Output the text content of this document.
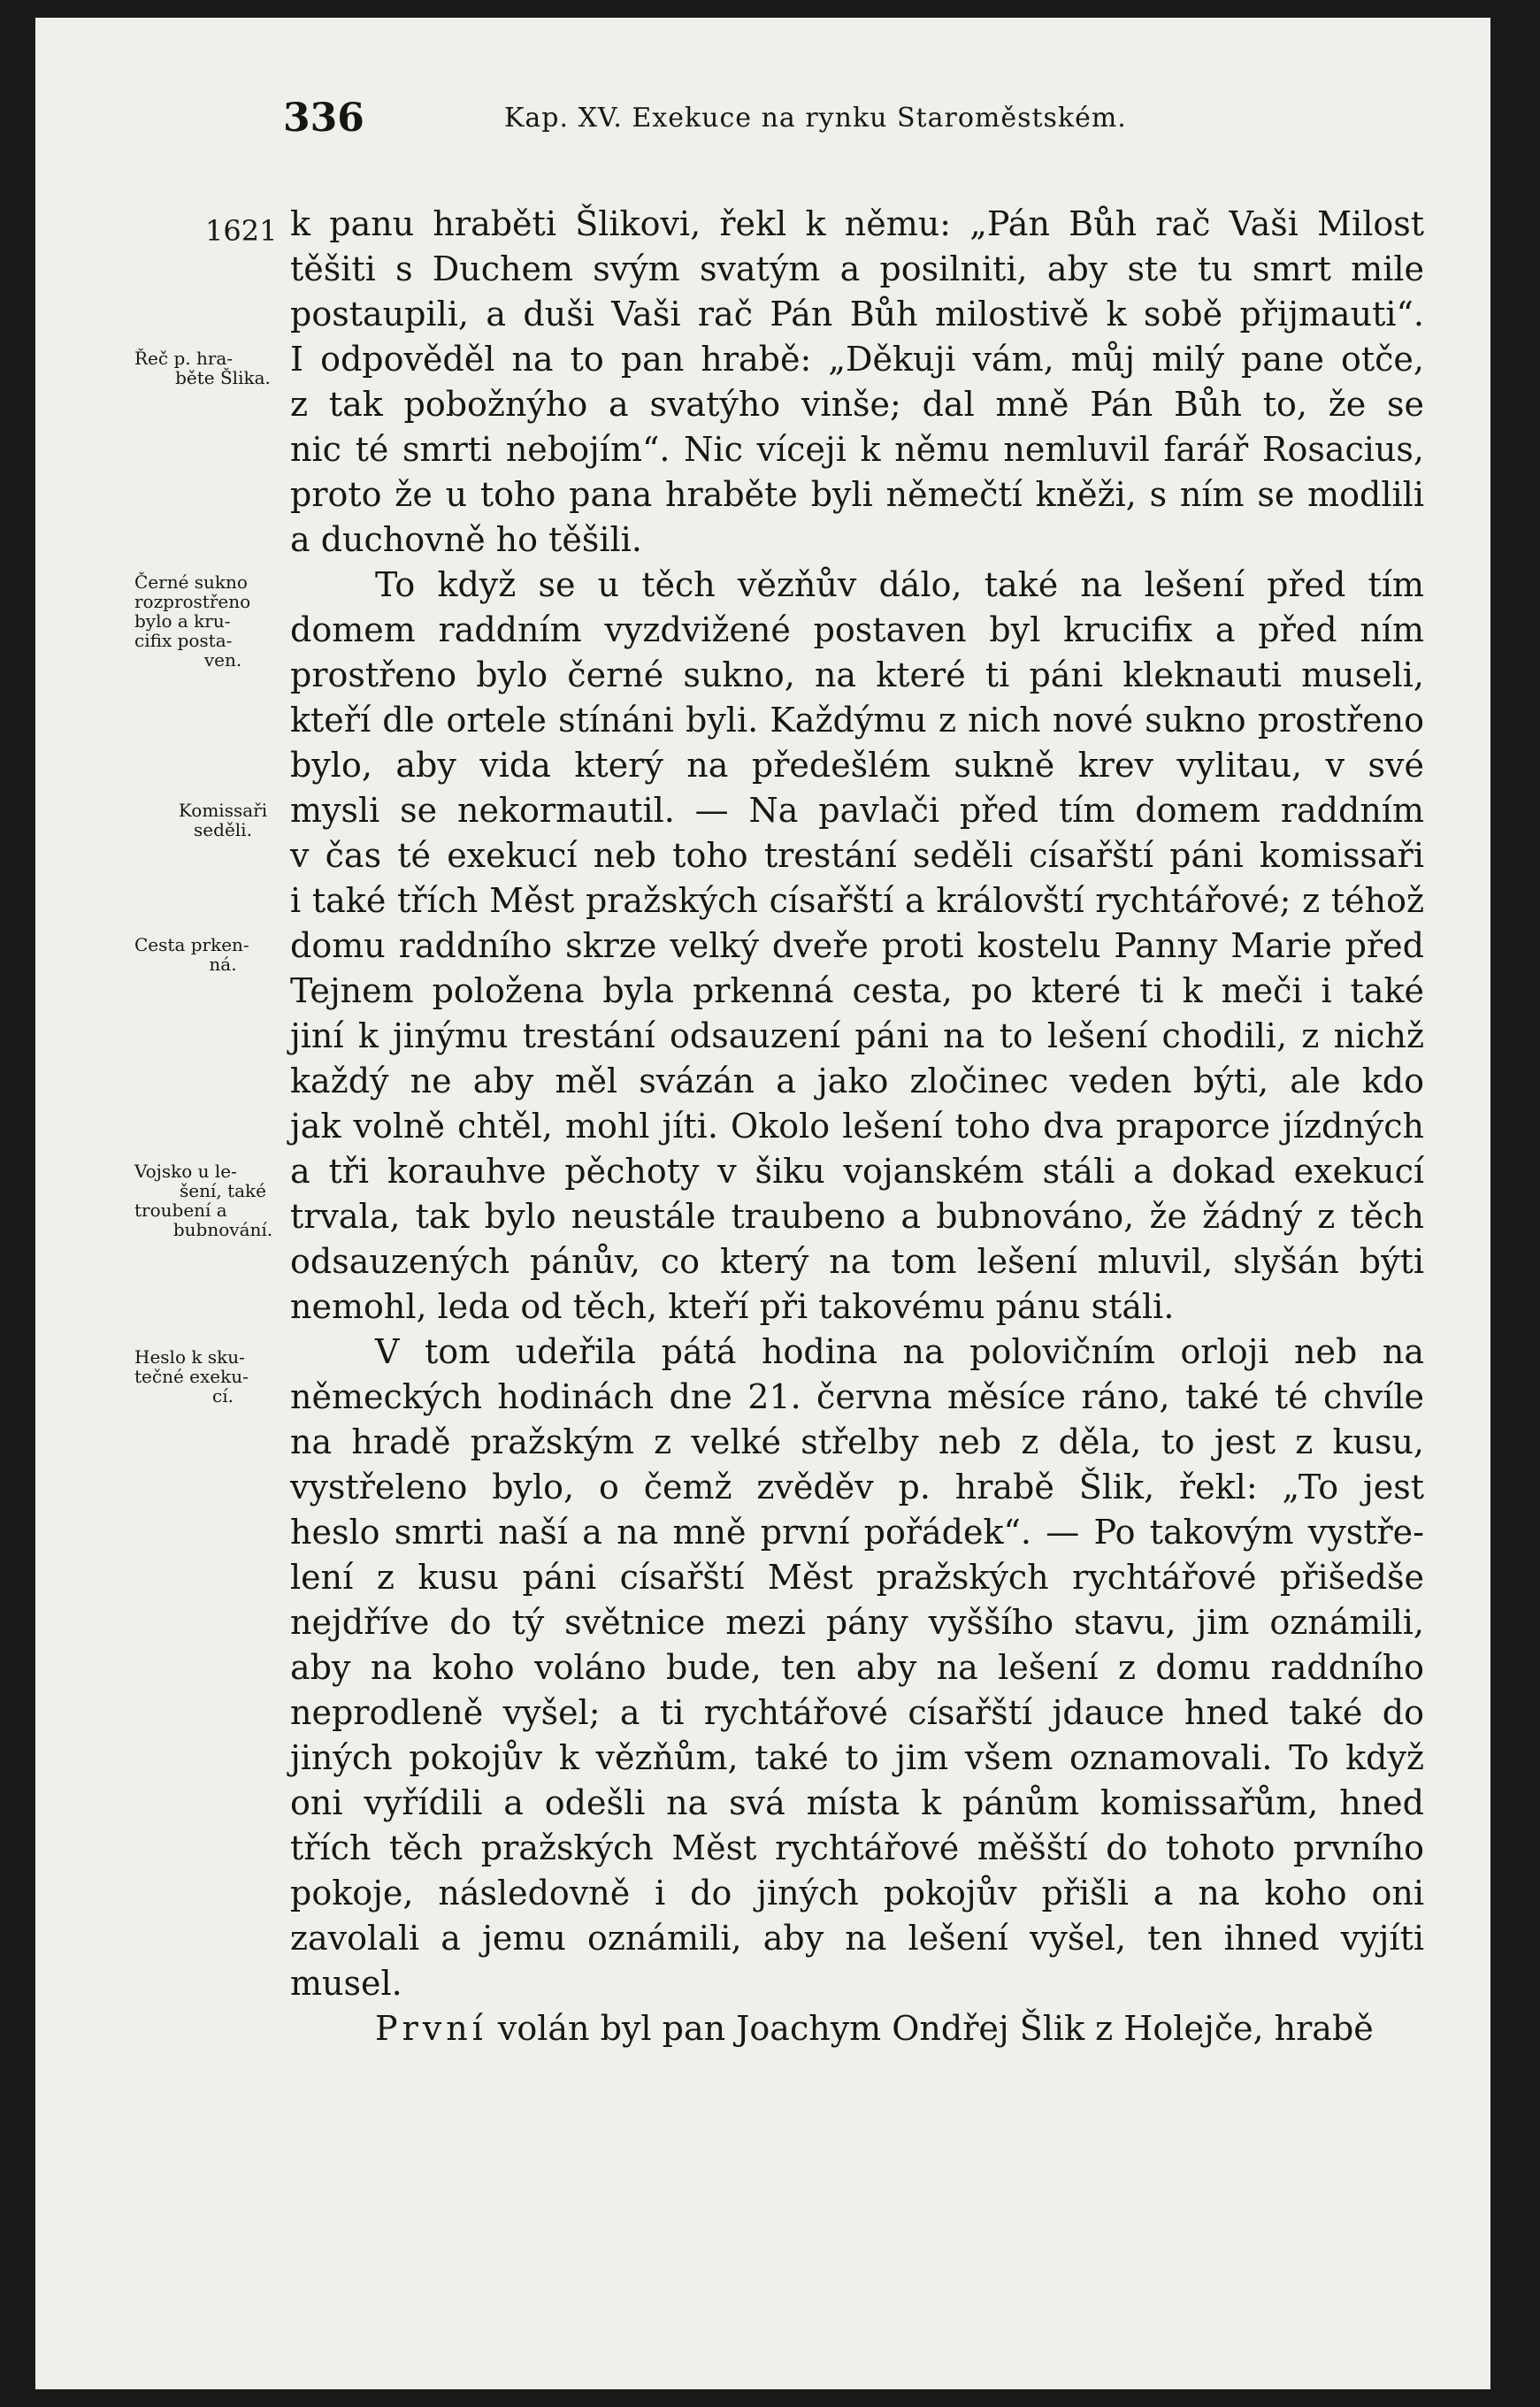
336	Kap. XV. Exekuce na rynku Staroměstském.
1621
Řeč p. hra-
běte Šlika.
Černé sukno
rozprostřeno
bylo a kru-
cifix posta-
ven.
Komissaři
seděli.
Cesta prken-
ná.
Vojsko u le-
šení, také
troubení a
bubnování.
Heslo k sku-
tečné exeku-
cí.
k panu hraběti Šlikovi, řekl k němu: „Pán Bůh rač Vaši Milost
těšiti s Duchem svým svatým a posilniti, aby ste tu smrt mile
postaupili, a duši Vaši rač Pán Bůh milostivě k sobě přijmauti“.
I odpověděl na to pan hrabě: „Děkuji vám, můj milý pane otče,
z tak pobožnýho a svatýho vinše; dal mně Pán Bůh to, že se
nic té smrti nebojím“. Nic víceji k němu nemluvil farář Rosacius,
proto že u toho pana hraběte byli němečtí kněži, s ním se modlili
a duchovně ho těšili.
To když se u těch vězňův dálo, také na lešení před tím
domem raddním vyzdvižené postaven byl krucifix a před ním
prostřeno bylo černé sukno, na které ti páni kleknauti museli,
kteří dle ortele stínáni byli. Každýmu z nich nové sukno prostřeno
bylo, aby vida který na předešlém sukně krev vylitau, v své
mysli se nekormautil. — Na pavlači před tím domem raddním
v čas té exekucí neb toho trestání seděli císařští páni komissaři
i také třích Měst pražských císařští a královští rychtářové; z téhož
domu raddního skrze velký dveře proti kostelu Panny Marie před
Tejnem položena byla prkenná cesta, po které ti k meči i také
jiní k jinýmu trestání odsauzení páni na to lešení chodili, z nichž
každý ne aby měl svázán a jako zločinec veden býti, ale kdo
jak volně chtěl, mohl jíti. Okolo lešení toho dva praporce jízdných
a tři korauhve pěchoty v šiku vojanském stáli a dokad exekucí
trvala, tak bylo neustále traubeno a bubnováno, že žádný z těch
odsauzených pánův, co který na tom lešení mluvil, slyšán býti
nemohl, leda od těch, kteří při takovému pánu stáli.
V tom udeřila pátá hodina na polovičním orloji neb na
německých hodinách dne 21. června měsíce ráno, také té chvíle
na hradě pražským z velké střelby neb z děla, to jest z kusu,
vystřeleno bylo, o čemž zvěděv p. hrabě Šlik, řekl: „To jest
heslo smrti naší a na mně první pořádek“. — Po takovým vystře-
lení z kusu páni císařští Měst pražských rychtářové přišedše
nejdříve do tý světnice mezi pány vyššího stavu, jim oznámili,
aby na koho voláno bude, ten aby na lešení z domu raddního
neprodleně vyšel; a ti rychtářové císařští jdauce hned také do
jiných pokojův k vězňům, také to jim všem oznamovali. To když
oni vyřídili a odešli na svá místa k pánům komissařům, hned
třích těch pražských Měst rychtářové měšští do tohoto prvního
pokoje, následovně i do jiných pokojův přišli a na koho oni
zavolali a jemu oznámili, aby na lešení vyšel, ten ihned vyjíti
musel.
První volán byl pan Joachym Ondřej Šlik z Holejče, hrabě
